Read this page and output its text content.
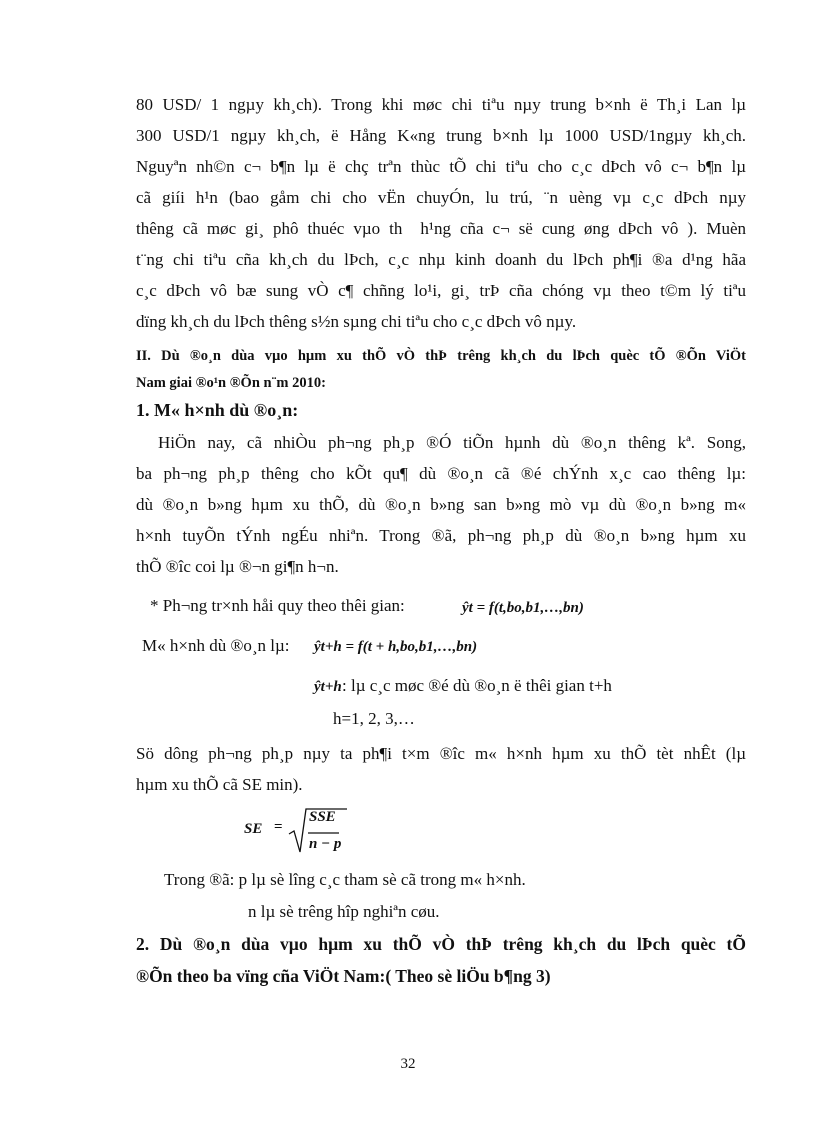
80 USD/ 1 ngµy kh¸ch). Trong khi møc chi tiªu nµy trung b×nh ë Th¸i Lan lµ
300 USD/1 ngµy kh¸ch, ë Hång K«ng trung b×nh lµ 1000 USD/1ngµy kh¸ch.
Nguyªn nh©n c¬ b¶n lµ ë chç trªn thùc tÕ chi tiªu cho c¸c dÞch vô c¬ b¶n lµ
cã giíi h¹n (bao gåm chi cho vËn chuyÓn, lu trú, ¨n uèng vµ c¸c dÞch nµy
thêng cã møc gi¸ phô thuéc vµo th h¹ng cña c¬ së cung øng dÞch vô ). Muèn
t¨ng chi tiªu cña kh¸ch du lÞch, c¸c nhµ kinh doanh du lÞch ph¶i ®a d¹ng hãa
c¸c dÞch vô bæ sung vÒ c¶ chñng lo¹i, gi¸ trÞ cña chóng vµ theo t©m lý tiªu
dïng kh¸ch du lÞch thêng s½n sµng chi tiªu cho c¸c dÞch vô nµy.
II. Dù ®o¸n dùa vµo hµm xu thÕ vÒ thÞ trêng kh¸ch du lÞch quèc tÕ ®Õn ViÖt
Nam giai ®o¹n ®Õn n¨m 2010:
1. M« h×nh dù ®o¸n:
HiÖn nay, cã nhiÒu ph¬ng ph¸p ®Ó tiÕn hµnh dù ®o¸n thêng kª. Song,
ba ph¬ng ph¸p thêng cho kÕt qu¶ dù ®o¸n cã ®é chÝnh x¸c cao thêng lµ:
dù ®o¸n b»ng hµm xu thÕ, dù ®o¸n b»ng san b»ng mò vµ dù ®o¸n b»ng m«
h×nh tuyÕn tÝnh ngÉu nhiªn. Trong ®ã, ph¬ng ph¸p dù ®o¸n b»ng hµm xu
thÕ ®îc coi lµ ®¬n gi¶n h¬n.
* Ph¬ng tr×nh håi quy theo thêi gian:	ŷt = f(t,bo,b1,…,bn)
M« h×nh dù ®o¸n lµ:	ŷt+h = f(t + h,bo,b1,…,bn)
ŷt+h : lµ c¸c møc ®é dù ®o¸n ë thêi gian t+h
h=1, 2, 3,…
Sö dông ph¬ng ph¸p nµy ta ph¶i t×m ®îc m« h×nh hµm xu thÕ tèt nhÊt (lµ
hµm xu thÕ cã SE min).
SE =
SSE
n − p
Trong ®ã: p lµ sè lîng c¸c tham sè cã trong m« h×nh.
n lµ sè trêng hîp nghiªn cøu.
2. Dù ®o¸n dùa vµo hµm xu thÕ vÒ thÞ trêng kh¸ch du lÞch quèc tÕ
®Õn theo ba vïng cña ViÖt Nam:( Theo sè liÖu b¶ng 3)
32
